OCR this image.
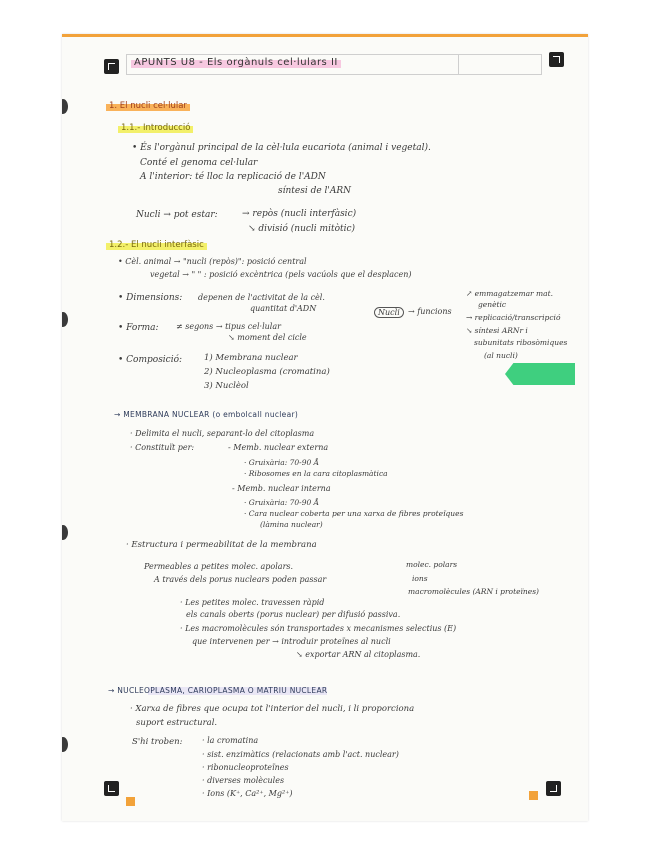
APUNTS U8 - Els orgànuls cel·lulars II
1. El nucli cel·lular
1.1.- Introducció
• És l'orgànul principal de la cèl·lula eucariota (animal i vegetal).
Conté el genoma cel·lular
A l'interior: té lloc la replicació de l'ADN
síntesi de l'ARN
Nucli → pot estar:	→ repòs (nucli interfàsic)
↘ divisió (nucli mitòtic)
1.2.- El nucli interfàsic
• Cèl. animal → "nucli (repòs)": posició central
vegetal → " " : posició excèntrica (pels vacúols que el desplacen)
• Dimensions: depenen de l'activitat de la cèl.
quantitat d'ADN
• Forma: ≠ segons → tipus cel·lular
↘ moment del cicle
Nucli	→ funcions
↗ emmagatzemar mat.
genètic
→ replicació/transcripció
↘ síntesi ARNr i
subunitats ribosòmiques
(al nucli)
• Composició:	1) Membrana nuclear
2) Nucleoplasma (cromatina)
3) Nuclèol
→ MEMBRANA NUCLEAR (o embolcall nuclear)
· Delimita el nucli, separant-lo del citoplasma
· Constituït per:	- Memb. nuclear externa
· Gruixària: 70-90 Å
· Ribosomes en la cara citoplasmàtica
- Memb. nuclear interna
· Gruixària: 70-90 Å
· Cara nuclear coberta per una xarxa de fibres proteïques
(làmina nuclear)
· Estructura i permeabilitat de la membrana
Permeables a petites molec. apolars.
A través dels porus nuclears poden passar
molec. polars
ions
macromolècules (ARN i proteïnes)
· Les petites molec. travessen ràpid
els canals oberts (porus nuclear) per difusió passiva.
· Les macromolècules són transportades x mecanismes selectius (E)
que intervenen per → introduir proteïnes al nucli
↘ exportar ARN al citoplasma.
→ NUCLEOPLASMA, CARIOPLASMA O MATRIU NUCLEAR
· Xarxa de fibres que ocupa tot l'interior del nucli, i li proporciona
suport estructural.
S'hi troben: · la cromatina
· sist. enzimàtics (relacionats amb l'act. nuclear)
· ribonucleoproteïnes
· diverses molècules
· Ions (K⁺, Ca²⁺, Mg²⁺)
